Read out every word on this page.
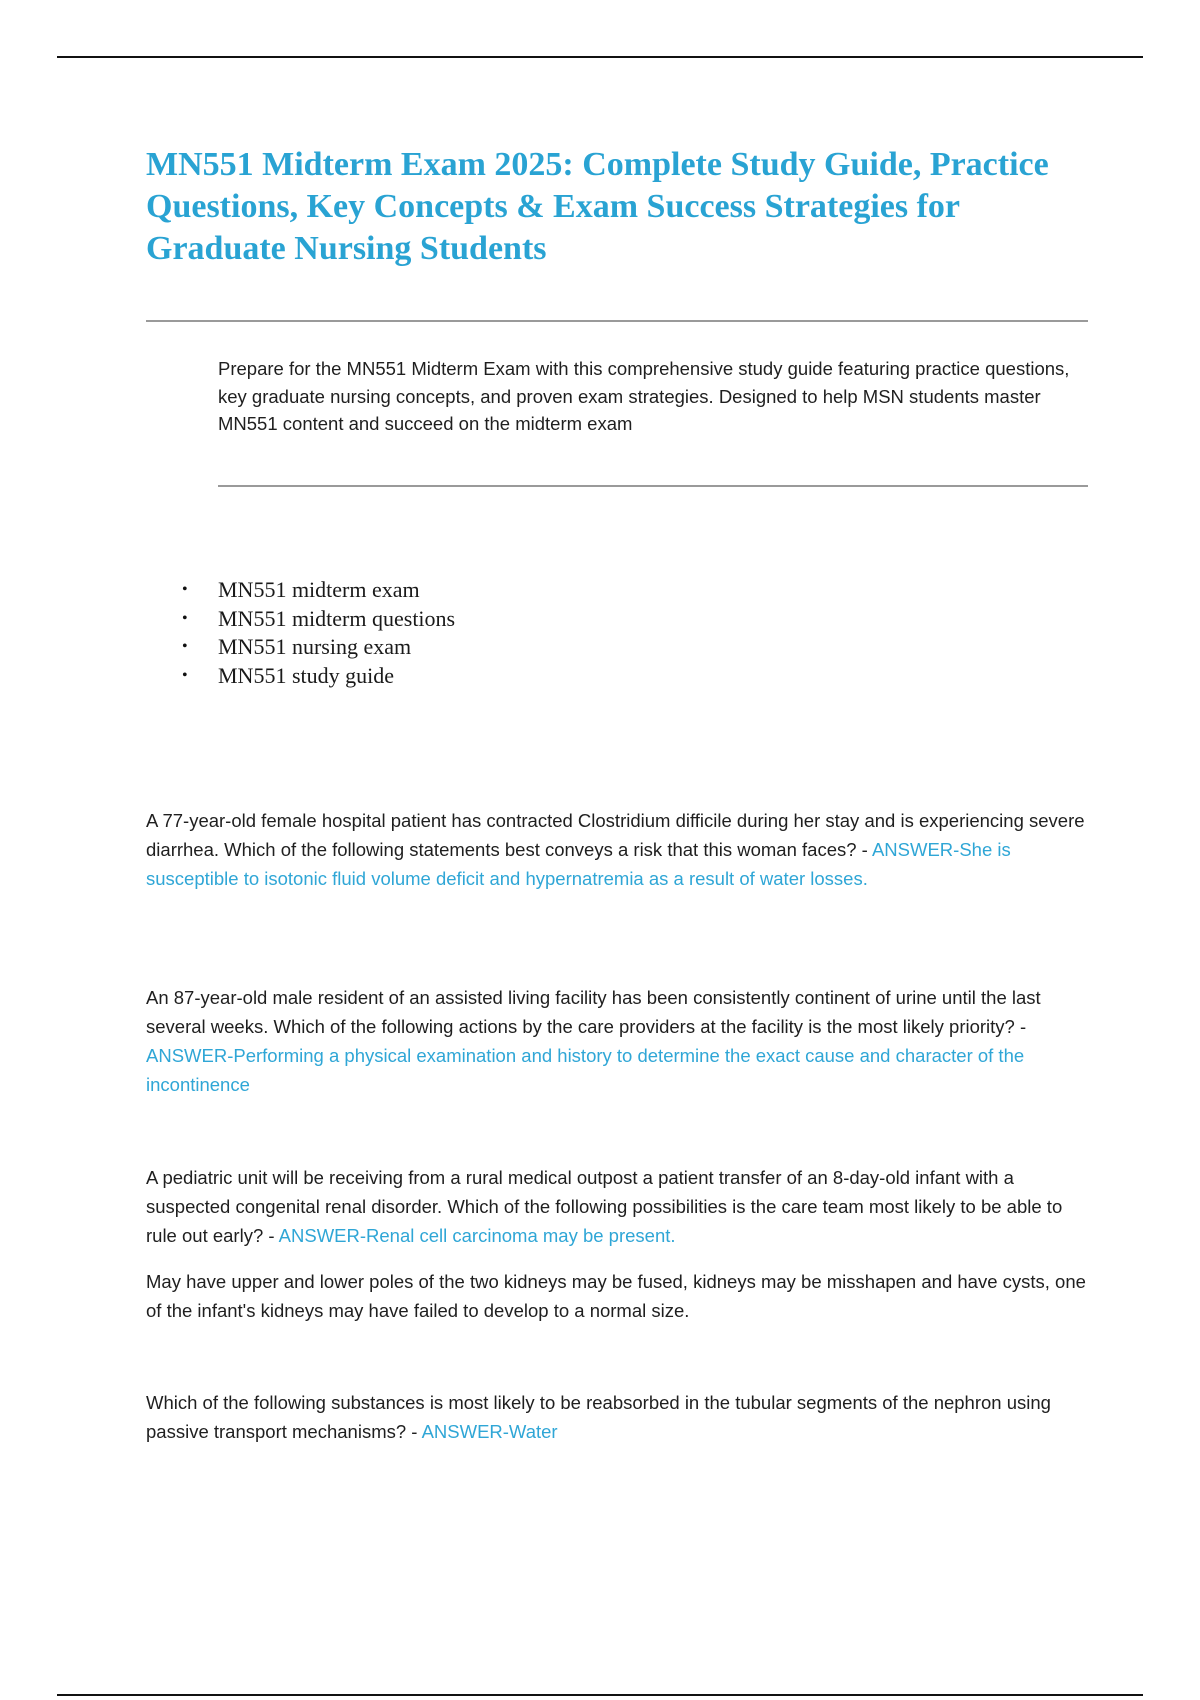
MN551 Midterm Exam 2025: Complete Study Guide, Practice Questions, Key Concepts & Exam Success Strategies for Graduate Nursing Students

Prepare for the MN551 Midterm Exam with this comprehensive study guide featuring practice questions, key graduate nursing concepts, and proven exam strategies. Designed to help MSN students master MN551 content and succeed on the midterm exam

• MN551 midterm exam
• MN551 midterm questions
• MN551 nursing exam
• MN551 study guide

A 77-year-old female hospital patient has contracted Clostridium difficile during her stay and is experiencing severe diarrhea. Which of the following statements best conveys a risk that this woman faces? - ANSWER-She is susceptible to isotonic fluid volume deficit and hypernatremia as a result of water losses.

An 87-year-old male resident of an assisted living facility has been consistently continent of urine until the last several weeks. Which of the following actions by the care providers at the facility is the most likely priority? - ANSWER-Performing a physical examination and history to determine the exact cause and character of the incontinence

A pediatric unit will be receiving from a rural medical outpost a patient transfer of an 8-day-old infant with a suspected congenital renal disorder. Which of the following possibilities is the care team most likely to be able to rule out early? - ANSWER-Renal cell carcinoma may be present.

May have upper and lower poles of the two kidneys may be fused, kidneys may be misshapen and have cysts, one of the infant's kidneys may have failed to develop to a normal size.

Which of the following substances is most likely to be reabsorbed in the tubular segments of the nephron using passive transport mechanisms? - ANSWER-Water
